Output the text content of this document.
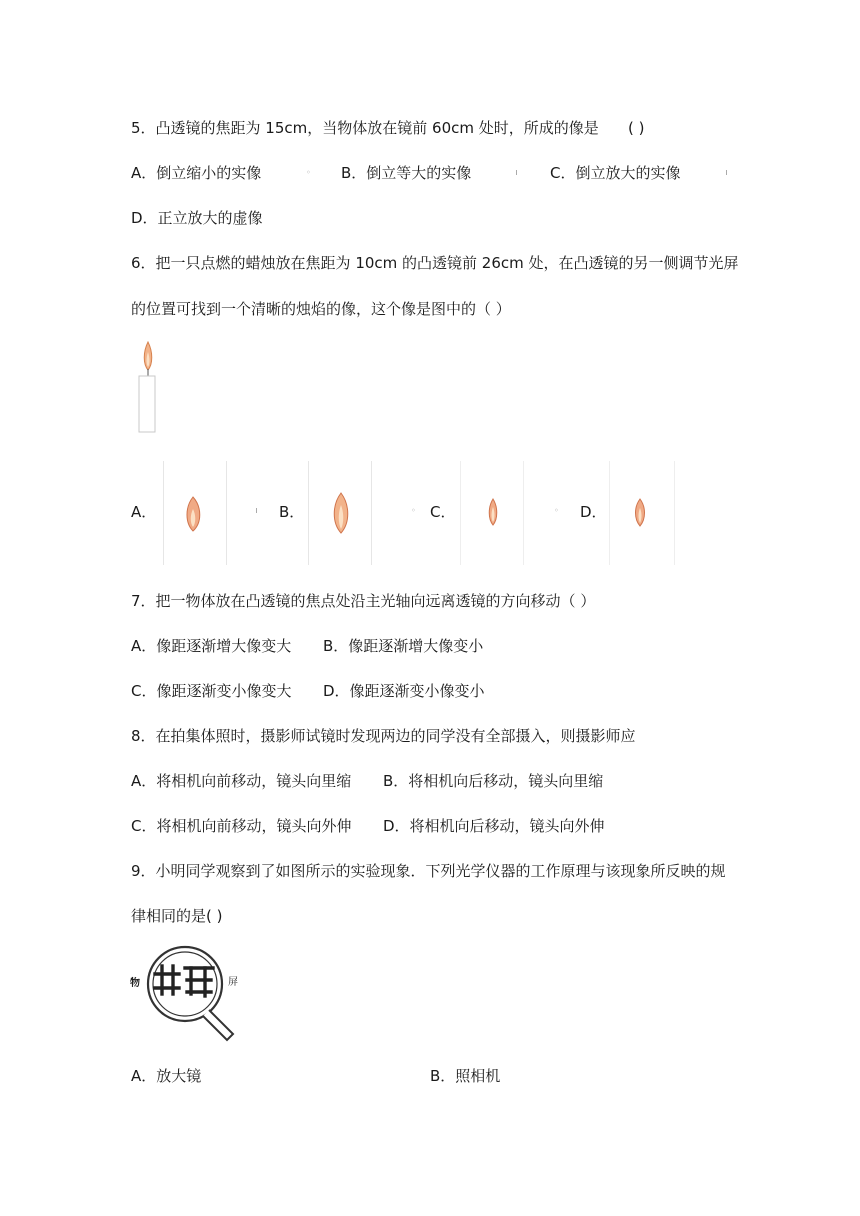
5．凸透镜的焦距为 15cm，当物体放在镜前 60cm 处时，所成的像是 ( )
A．倒立缩小的实像	◦ B．倒立等大的实像	C．倒立放大的实像
D．正立放大的虚像
6．把一只点燃的蜡烛放在焦距为 10cm 的凸透镜前 26cm 处，在凸透镜的另一侧调节光屏
的位置可找到一个清晰的烛焰的像，这个像是图中的（ ）
A．	B．	◦ C．	◦ D．
7．把一物体放在凸透镜的焦点处沿主光轴向远离透镜的方向移动（ ）
A．像距逐渐增大像变大 B．像距逐渐增大像变小
C．像距逐渐变小像变大 D．像距逐渐变小像变小
8．在拍集体照时，摄影师试镜时发现两边的同学没有全部摄入，则摄影师应
A．将相机向前移动，镜头向里缩 B．将相机向后移动，镜头向里缩
C．将相机向前移动，镜头向外伸 D．将相机向后移动，镜头向外伸
9．小明同学观察到了如图所示的实验现象．下列光学仪器的工作原理与该现象所反映的规
律相同的是( )
物	屏
A．放大镜	B．照相机
